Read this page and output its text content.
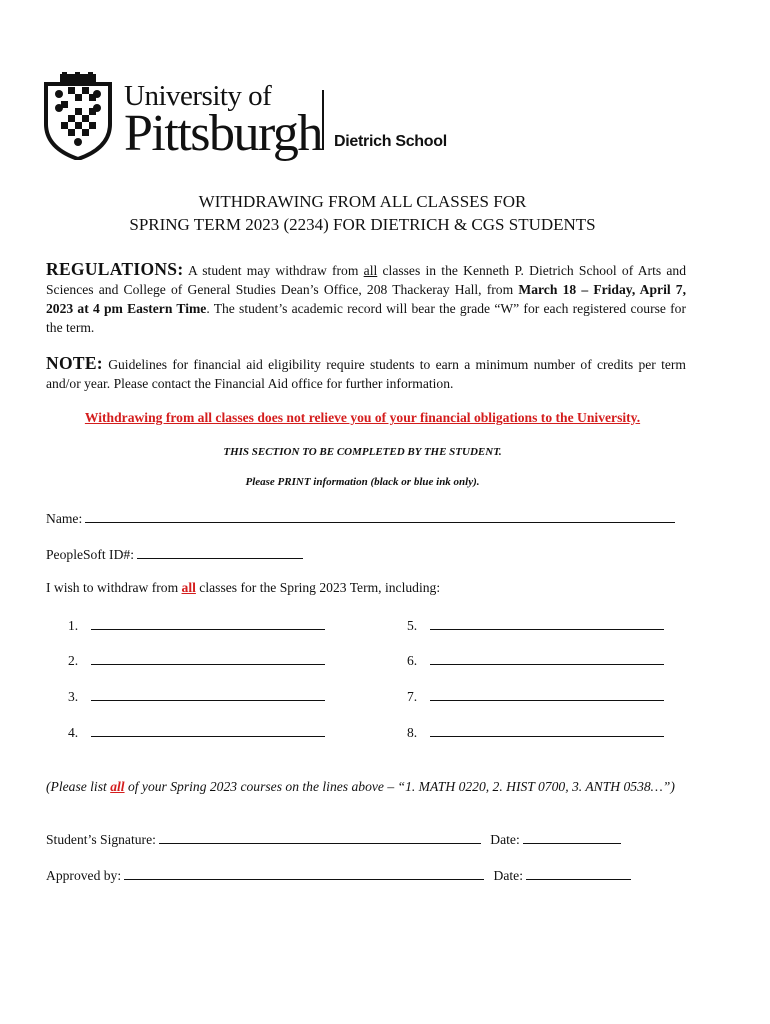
University of
Pittsburgh Dietrich School
WITHDRAWING FROM ALL CLASSES FOR
SPRING TERM 2023 (2234) FOR DIETRICH & CGS STUDENTS
REGULATIONS: A student may withdraw from all classes in the Kenneth P. Dietrich School of Arts and Sciences and College of General Studies Dean’s Office, 208 Thackeray Hall, from March 18 – Friday, April 7, 2023 at 4 pm Eastern Time. The student’s academic record will bear the grade “W” for each registered course for the term.
NOTE: Guidelines for financial aid eligibility require students to earn a minimum number of credits per term and/or year. Please contact the Financial Aid office for further information.
Withdrawing from all classes does not relieve you of your financial obligations to the University.
THIS SECTION TO BE COMPLETED BY THE STUDENT.
Please PRINT information (black or blue ink only).
Name:
PeopleSoft ID#:
I wish to withdraw from all classes for the Spring 2023 Term, including:
1.
2.
3.
4.
5.
6.
7.
8.
(Please list all of your Spring 2023 courses on the lines above – “1. MATH 0220, 2. HIST 0700, 3. ANTH 0538…”)
Student’s Signature:	Date:
Approved by:	Date:
